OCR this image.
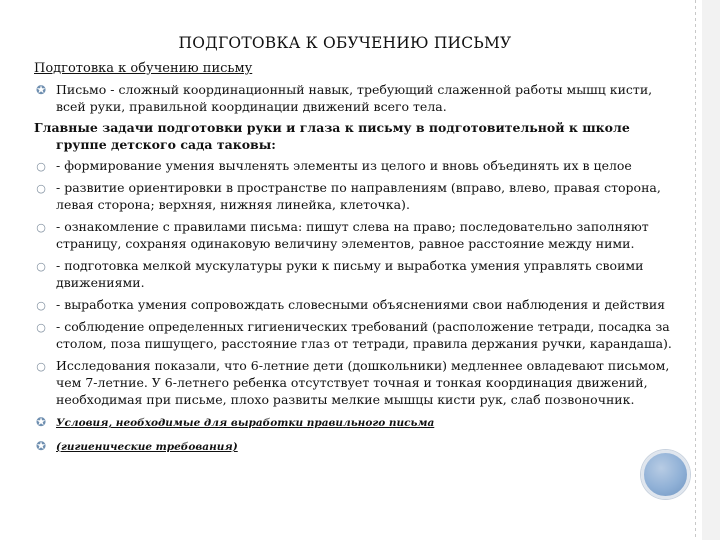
ПОДГОТОВКА К ОБУЧЕНИЮ ПИСЬМУ
Подготовка к обучению письму
✪ Письмо - сложный координационный навык, требующий слаженной работы мышц кисти, всей руки, правильной координации движений всего тела.
Главные задачи подготовки руки и глаза к письму в подготовительной к школе
группе детского сада таковы:
○ - формирование умения вычленять элементы из целого и вновь объединять их в целое
○ - развитие ориентировки в пространстве по направлениям (вправо, влево, правая сторона, левая сторона; верхняя, нижняя линейка, клеточка).
○ - ознакомление с правилами письма: пишут слева на право; последовательно заполняют страницу, сохраняя одинаковую величину элементов, равное расстояние между ними.
○ - подготовка мелкой мускулатуры руки к письму и выработка умения управлять своими движениями.
○ - выработка умения сопровождать словесными объяснениями свои наблюдения и действия
○ - соблюдение определенных гигиенических требований (расположение тетради, посадка за столом, поза пишущего, расстояние глаз от тетради, правила держания ручки, карандаша).
○ Исследования показали, что 6-летние дети (дошкольники) медленнее овладевают письмом, чем 7-летние. У 6-летнего ребенка отсутствует точная и тонкая координация движений, необходимая при письме, плохо развиты мелкие мышцы кисти рук, слаб позвоночник.
✪ Условия, необходимые для выработки правильного письма
✪ (гигиенические требования)
